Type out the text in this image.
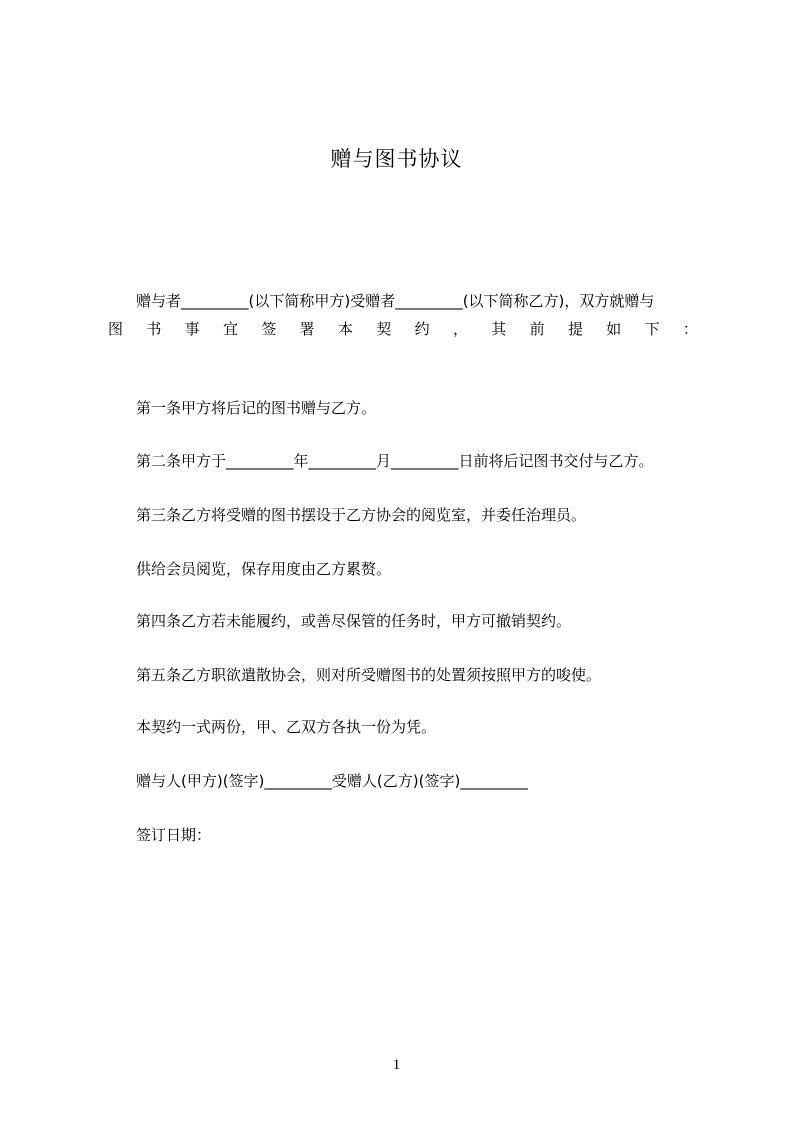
赠与图书协议
赠与者_________(以下简称甲方)受赠者_________(以下简称乙方)，双方就赠与
图 书 事 宜 签 署 本 契 约 ， 其 前 提 如 下 ：
第一条甲方将后记的图书赠与乙方。
第二条甲方于_________年_________月_________日前将后记图书交付与乙方。
第三条乙方将受赠的图书摆设于乙方协会的阅览室，并委任治理员。
供给会员阅览，保存用度由乙方累赘。
第四条乙方若未能履约，或善尽保管的任务时，甲方可撤销契约。
第五条乙方职欲遣散协会，则对所受赠图书的处置须按照甲方的唆使。
本契约一式两份，甲、乙双方各执一份为凭。
赠与人(甲方)(签字)_________受赠人(乙方)(签字)_________
签订日期：
1
